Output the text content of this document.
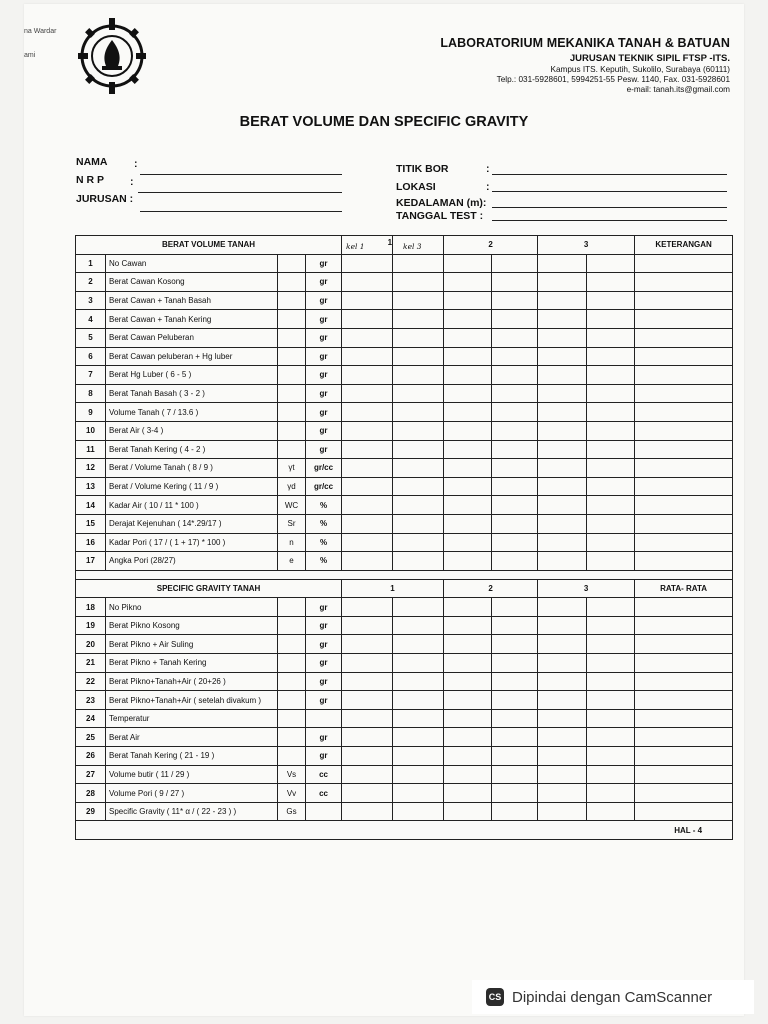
na Wardar
ami
LABORATORIUM MEKANIKA TANAH & BATUAN
JURUSAN TEKNIK SIPIL FTSP -ITS.
Kampus ITS. Keputih, Sukolilo, Surabaya (60111)
Telp.: 031-5928601, 5994251-55 Pesw. 1140, Fax. 031-5928601
e-mail: tanah.its@gmail.com
BERAT VOLUME DAN SPECIFIC GRAVITY
NAMA	:
N R P :
JURUSAN :
TITIK BOR	:
LOKASI	:
KEDALAMAN (m):
TANGGAL TEST :
BERAT VOLUME TANAH				kel 1 1	kel 3	2		3		KETERANGAN
1	No Cawan		gr							
2	Berat Cawan Kosong		gr							
3	Berat Cawan + Tanah Basah		gr							
4	Berat Cawan + Tanah Kering		gr							
5	Berat Cawan Peluberan		gr							
6	Berat Cawan peluberan + Hg luber		gr							
7	Berat Hg Luber ( 6 - 5 )		gr							
8	Berat Tanah Basah ( 3 - 2 )		gr							
9	Volume Tanah ( 7 / 13.6 )		gr							
10	Berat Air ( 3-4 )		gr							
11	Berat Tanah Kering ( 4 - 2 )		gr							
12	Berat / Volume Tanah ( 8 / 9 )	γt	gr/cc							
13	Berat / Volume Kering ( 11 / 9 )	γd	gr/cc							
14	Kadar Air ( 10 / 11 * 100 )	WC	%							
15	Derajat Kejenuhan ( 14*.29/17 )	Sr	%							
16	Kadar Pori ( 17 / ( 1 + 17) * 100 )	n	%							
17	Angka Pori (28/27)	e	%							

SPECIFIC GRAVITY TANAH				1		2		3		RATA- RATA
18	No Pikno		gr							
19	Berat Pikno Kosong		gr							
20	Berat Pikno + Air Suling		gr							
21	Berat Pikno + Tanah Kering		gr							
22	Berat Pikno+Tanah+Air ( 20+26 )		gr							
23	Berat Pikno+Tanah+Air ( setelah divakum )		gr							
24	Temperatur									
25	Berat Air		gr							
26	Berat Tanah Kering ( 21 - 19 )		gr							
27	Volume butir ( 11 / 29 )	Vs	cc							
28	Volume Pori ( 9 / 27 )	Vv	cc							
29	Specific Gravity ( 11* α / ( 22 - 23 ) )	Gs								
HAL - 4										
CS Dipindai dengan CamScanner
